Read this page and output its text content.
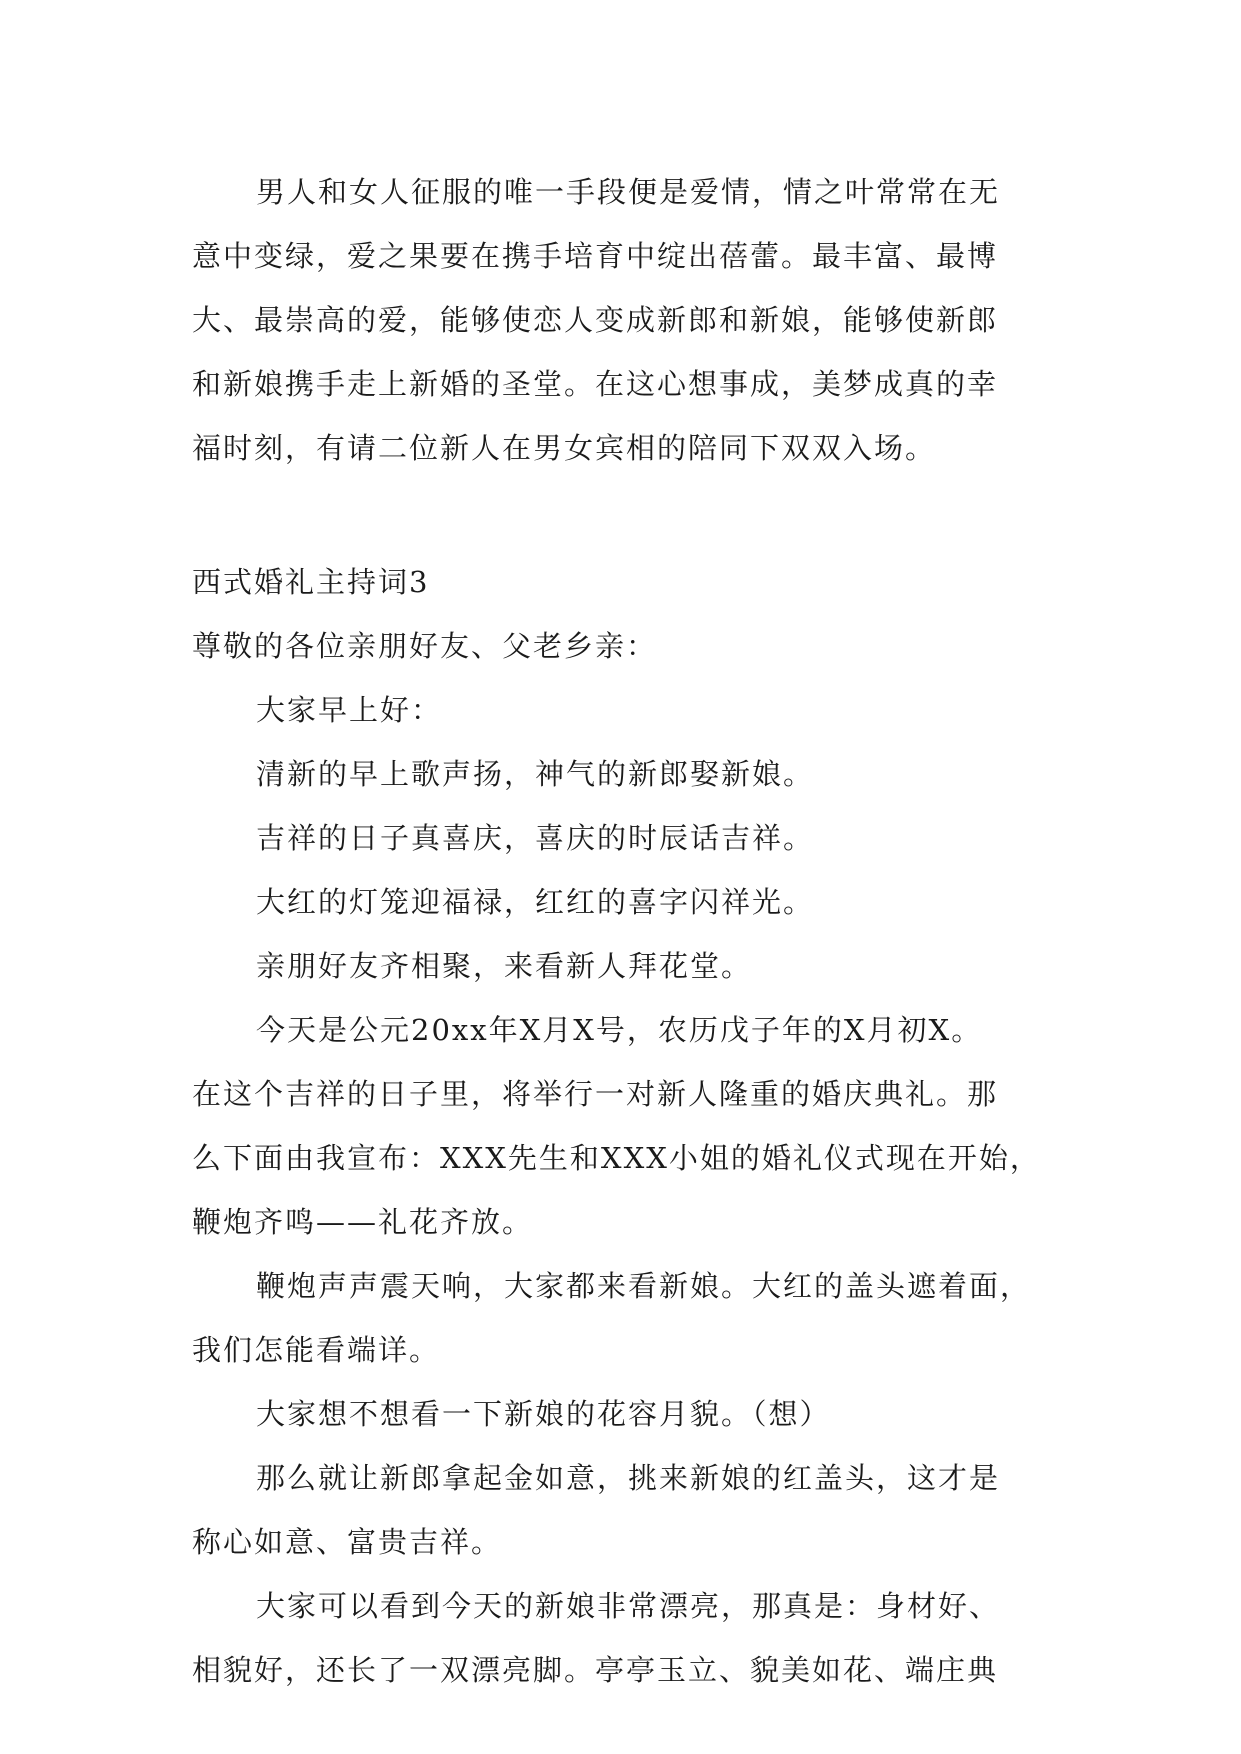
男人和女人征服的唯一手段便是爱情，情之叶常常在无
意中变绿，爱之果要在携手培育中绽出蓓蕾。最丰富、最博
大、最崇高的爱，能够使恋人变成新郎和新娘，能够使新郎
和新娘携手走上新婚的圣堂。在这心想事成，美梦成真的幸
福时刻，有请二位新人在男女宾相的陪同下双双入场。
西式婚礼主持词3
尊敬的各位亲朋好友、父老乡亲：
大家早上好：
清新的早上歌声扬，神气的新郎娶新娘。
吉祥的日子真喜庆，喜庆的时辰话吉祥。
大红的灯笼迎福禄，红红的喜字闪祥光。
亲朋好友齐相聚，来看新人拜花堂。
今天是公元20xx年X月X号，农历戊子年的X月初X。
在这个吉祥的日子里，将举行一对新人隆重的婚庆典礼。那
么下面由我宣布：XXX先生和XXX小姐的婚礼仪式现在开始，
鞭炮齐鸣——礼花齐放。
鞭炮声声震天响，大家都来看新娘。大红的盖头遮着面，
我们怎能看端详。
大家想不想看一下新娘的花容月貌。（想）
那么就让新郎拿起金如意，挑来新娘的红盖头，这才是
称心如意、富贵吉祥。
大家可以看到今天的新娘非常漂亮，那真是：身材好、
相貌好，还长了一双漂亮脚。亭亭玉立、貌美如花、端庄典
